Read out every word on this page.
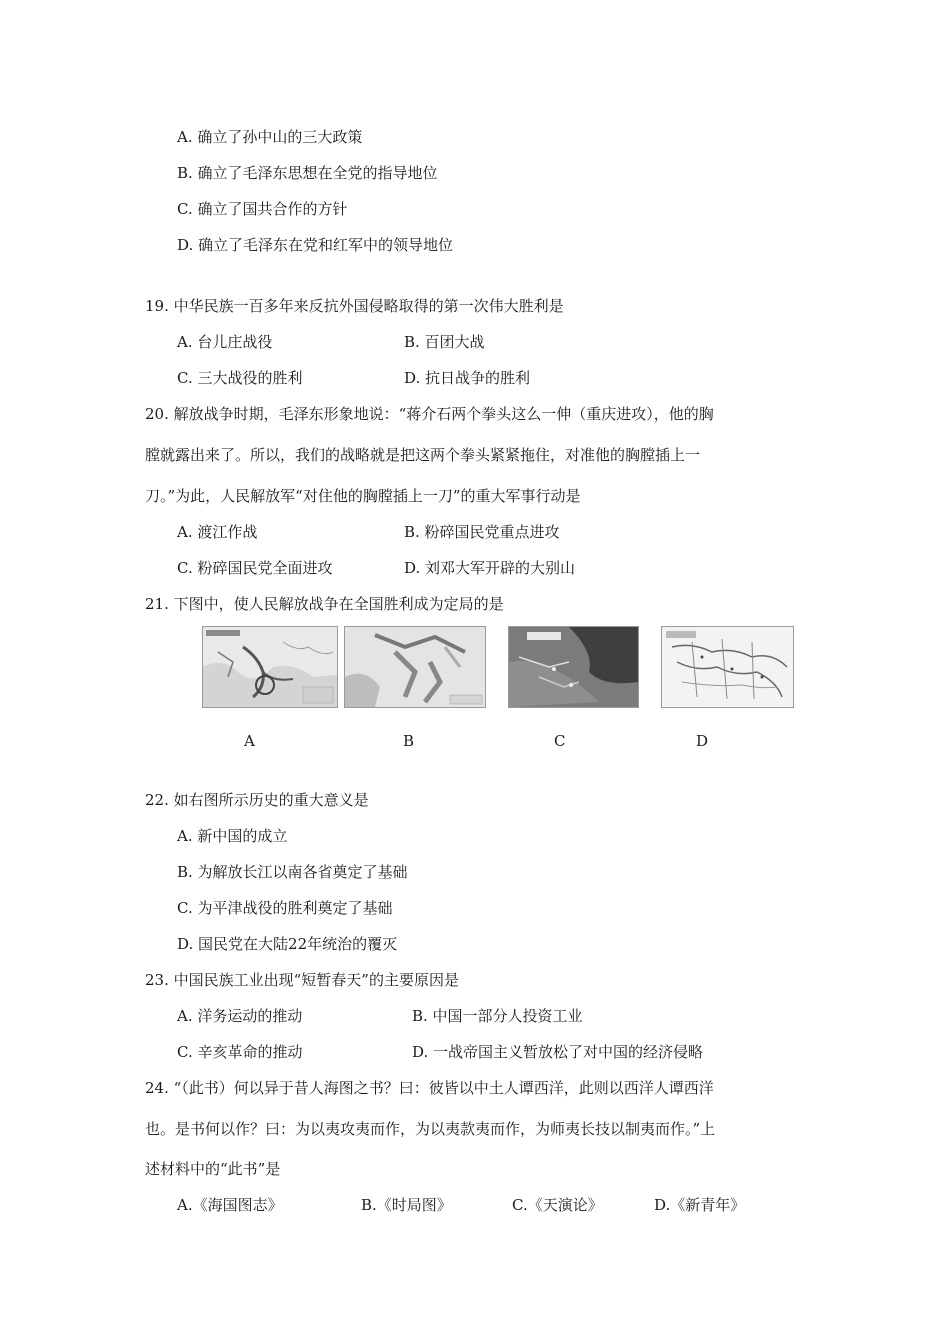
A. 确立了孙中山的三大政策
B. 确立了毛泽东思想在全党的指导地位
C. 确立了国共合作的方针
D. 确立了毛泽东在党和红军中的领导地位
19. 中华民族一百多年来反抗外国侵略取得的第一次伟大胜利是
A. 台儿庄战役	B. 百团大战
C. 三大战役的胜利	D. 抗日战争的胜利
20. 解放战争时期，毛泽东形象地说：“蒋介石两个拳头这么一伸（重庆进攻），他的胸
膛就露出来了。所以，我们的战略就是把这两个拳头紧紧拖住，对准他的胸膛插上一
刀。”为此，人民解放军“对住他的胸膛插上一刀”的重大军事行动是
A. 渡江作战	B. 粉碎国民党重点进攻
C. 粉碎国民党全面进攻	D. 刘邓大军开辟的大别山
21. 下图中，使人民解放战争在全国胜利成为定局的是
A	B	C	D
22. 如右图所示历史的重大意义是
A. 新中国的成立
B. 为解放长江以南各省奠定了基础
C. 为平津战役的胜利奠定了基础
D. 国民党在大陆22年统治的覆灭
23. 中国民族工业出现“短暂春天”的主要原因是
A. 洋务运动的推动	B. 中国一部分人投资工业
C. 辛亥革命的推动	D. 一战帝国主义暂放松了对中国的经济侵略
24. “（此书）何以异于昔人海图之书？曰：彼皆以中土人谭西洋，此则以西洋人谭西洋
也。是书何以作？曰：为以夷攻夷而作，为以夷款夷而作，为师夷长技以制夷而作。”上
述材料中的“此书”是
A.《海国图志》	B.《时局图》	C.《天演论》	D.《新青年》
